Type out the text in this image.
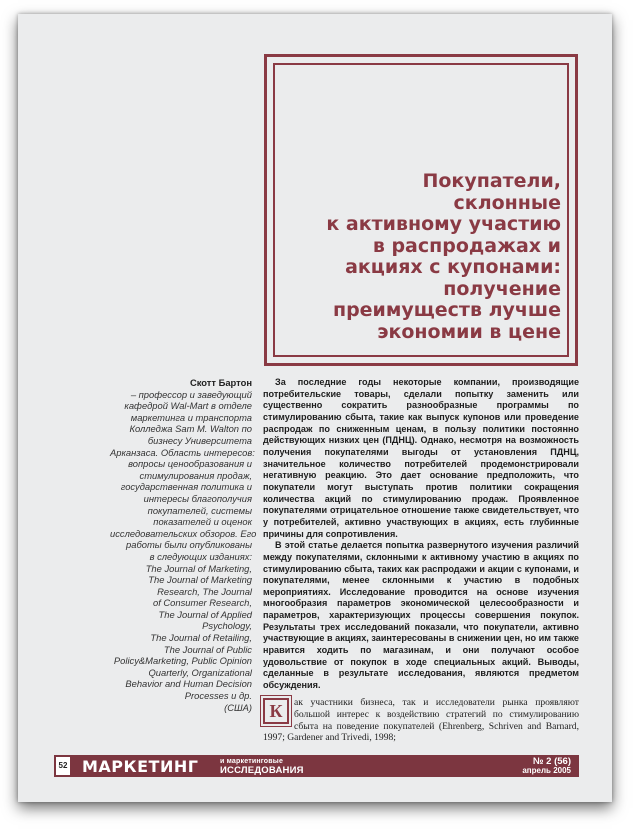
Покупатели,
склонные
к активному участию
в распродажах и
акциях с купонами:
получение
преимуществ лучше
экономии в цене
Скотт Бартон
– профессор и заведующий
кафедрой Wal-Mart в отделе
маркетинга и транспорта
Колледжа Sam M. Walton по
бизнесу Университета
Арканзаса. Область интересов:
вопросы ценообразования и
стимулирования продаж,
государственная политика и
интересы благополучия
покупателей, системы
показателей и оценок
исследовательских обзоров. Его
работы были опубликованы
в следующих изданиях:
The Journal of Marketing,
The Journal of Marketing
Research, The Journal
of Consumer Research,
The Journal of Applied
Psychology,
The Journal of Retailing,
The Journal of Public
Policy&Marketing, Public Opinion
Quarterly, Organizational
Behavior and Human Decision
Processes и др.
(США)

За последние годы некоторые компании, производящие потребительские товары, сделали попытку заменить или существенно сократить разнообразные программы по стимулированию сбыта, такие как выпуск купонов или проведение распродаж по сниженным ценам, в пользу политики постоянно действующих низких цен (ПДНЦ). Однако, несмотря на возможность получения покупателями выгоды от установления ПДНЦ, значительное количество потребителей продемонстрировали негативную реакцию. Это дает основание предположить, что покупатели могут выступать против политики сокращения количества акций по стимулированию продаж. Проявленное покупателями отрицательное отношение также свидетельствует, что у потребителей, активно участвующих в акциях, есть глубинные причины для сопротивления.

В этой статье делается попытка развернутого изучения различий между покупателями, склонными к активному участию в акциях по стимулированию сбыта, таких как распродажи и акции с купонами, и покупателями, менее склонными к участию в подобных мероприятиях. Исследование проводится на основе изучения многообразия параметров экономической целесообразности и параметров, характеризующих процессы совершения покупок. Результаты трех исследований показали, что покупатели, активно участвующие в акциях, заинтересованы в снижении цен, но им также нравится ходить по магазинам, и они получают особое удовольствие от покупок в ходе специальных акций. Выводы, сделанные в результате исследования, являются предметом обсуждения.

К	ак участники бизнеса, так и исследователи рынка проявляют большой интерес к воздействию стратегий по стимулированию сбыта на поведение покупателей (Ehrenberg, Schriven and Barnard, 1997; Gardener and Trivedi, 1998;
52 МАРКЕТИНГ	и маркетинговые
ИССЛЕДОВАНИЯ
№ 2 (56)
апрель 2005
